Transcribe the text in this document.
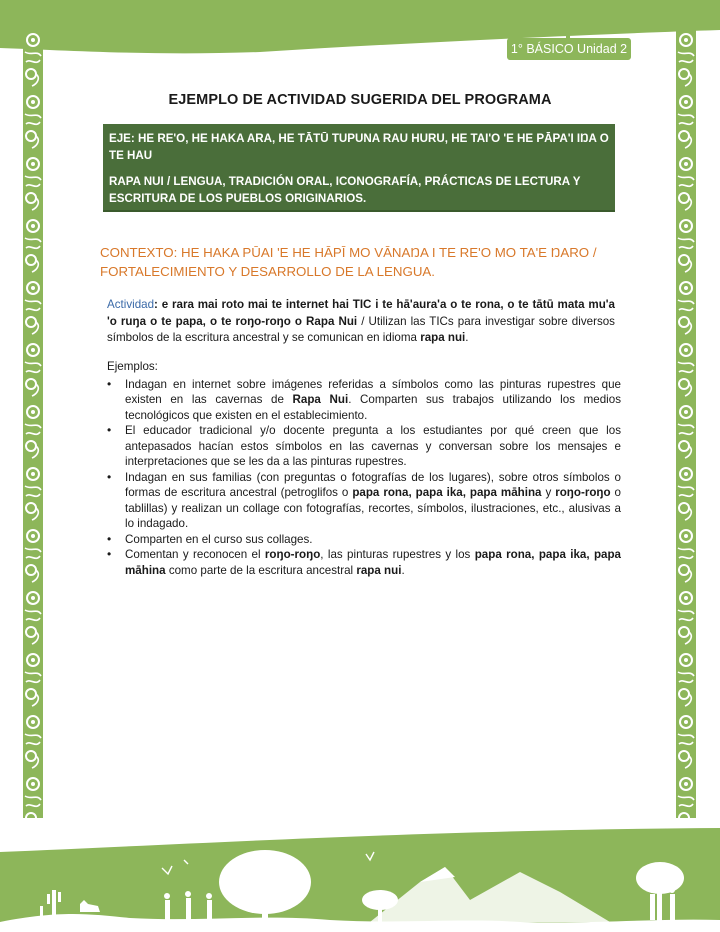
1° BÁSICO Unidad 2
EJEMPLO DE ACTIVIDAD SUGERIDA DEL PROGRAMA

EJE: HE RE'O, HE HAKA ARA, HE TĀTŪ TUPUNA RAU HURU, HE TAI'O 'E HE PĀPA'I IŊA O TE HAU

RAPA NUI / LENGUA, TRADICIÓN ORAL, ICONOGRAFÍA, PRÁCTICAS DE LECTURA Y ESCRITURA DE LOS PUEBLOS ORIGINARIOS.

CONTEXTO: HE HAKA PŪAI 'E HE HĀPĪ MO VĀNAŊA I TE RE'O MO TA'E ŊARO / FORTALECIMIENTO Y DESARROLLO DE LA LENGUA.
Actividad: e rara mai roto mai te internet hai TIC i te hā'aura'a o te rona, o te tātū mata mu'a 'o ruŋa o te papa, o te roŋo-roŋo o Rapa Nui / Utilizan las TICs para investigar sobre diversos símbolos de la escritura ancestral y se comunican en idioma rapa nui.

Ejemplos:

• Indagan en internet sobre imágenes referidas a símbolos como las pinturas rupestres que existen en las cavernas de Rapa Nui. Comparten sus trabajos utilizando los medios tecnológicos que existen en el establecimiento.
• El educador tradicional y/o docente pregunta a los estudiantes por qué creen que los antepasados hacían estos símbolos en las cavernas y conversan sobre los mensajes e interpretaciones que se les da a las pinturas rupestres.
• Indagan en sus familias (con preguntas o fotografías de los lugares), sobre otros símbolos o formas de escritura ancestral (petroglifos o papa rona, papa ika, papa māhina y roŋo-roŋo o tablillas) y realizan un collage con fotografías, recortes, símbolos, ilustraciones, etc., alusivas a lo indagado.
• Comparten en el curso sus collages.
• Comentan y reconocen el roŋo-roŋo, las pinturas rupestres y los papa rona, papa ika, papa māhina como parte de la escritura ancestral rapa nui.
